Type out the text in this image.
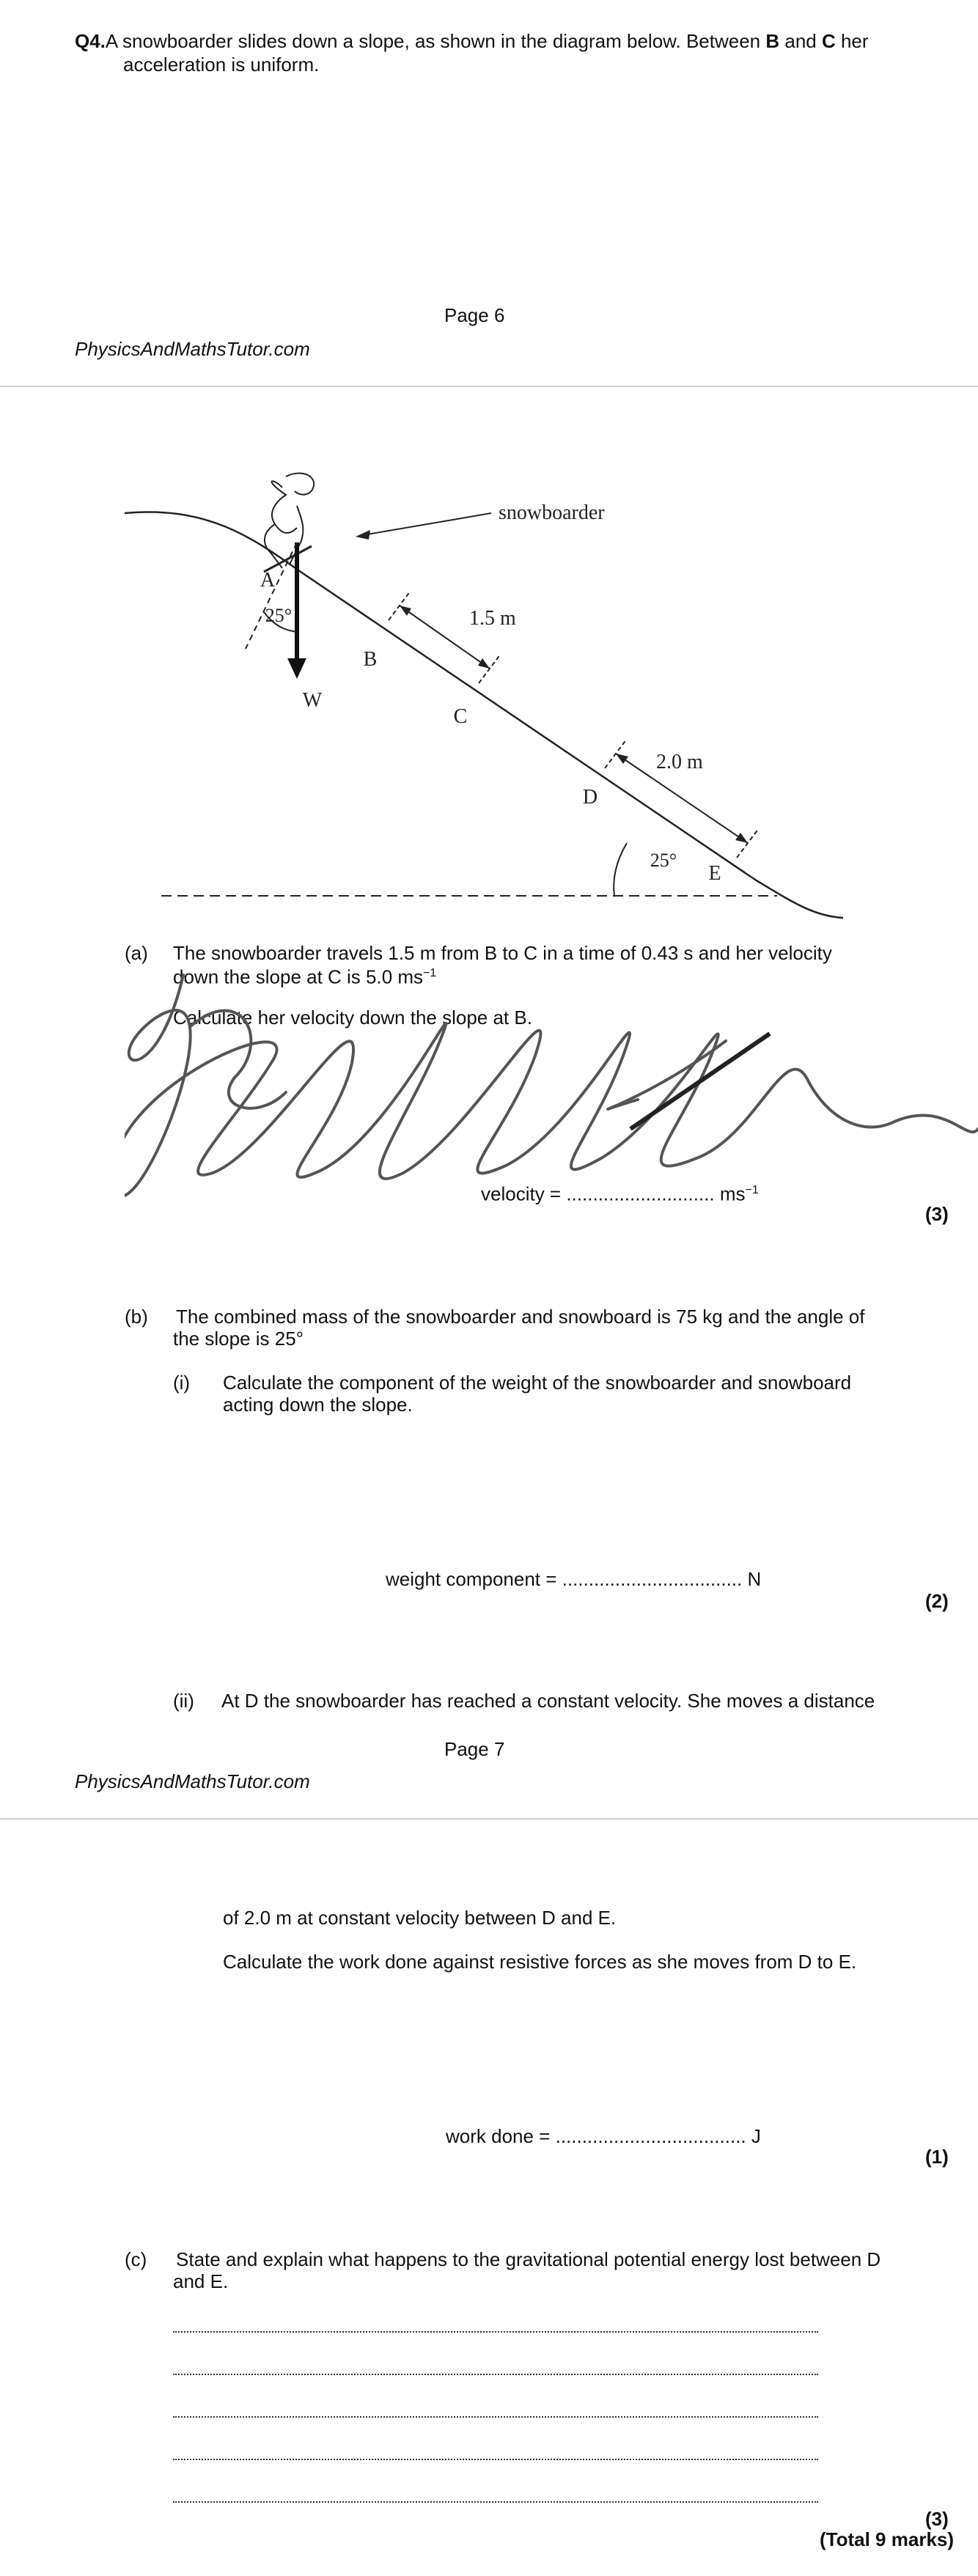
Q4.A snowboarder slides down a slope, as shown in the diagram below. Between B and C her
acceleration is uniform.
Page 6
PhysicsAndMathsTutor.com
snowboarder
W
25°
A
B
C
D
E
1.5 m
2.0 m
25°
(a) The snowboarder travels 1.5 m from B to C in a time of 0.43 s and her velocity
down the slope at C is 5.0 $ms^{-1}$
Calculate her velocity down the slope at B.
velocity = ............................ $ms^{-1}$
(3)
(b) The combined mass of the snowboarder and snowboard is 75 kg and the angle of
the slope is 25°
(i) Calculate the component of the weight of the snowboarder and snowboard
acting down the slope.
weight component = .................................. N
(2)
(ii) At D the snowboarder has reached a constant velocity. She moves a distance
Page 7
PhysicsAndMathsTutor.com
of 2.0 m at constant velocity between D and E.
Calculate the work done against resistive forces as she moves from D to E.
work done = .................................... J
(1)
(c) State and explain what happens to the gravitational potential energy lost between D
and E.
(3)
(Total 9 marks)
